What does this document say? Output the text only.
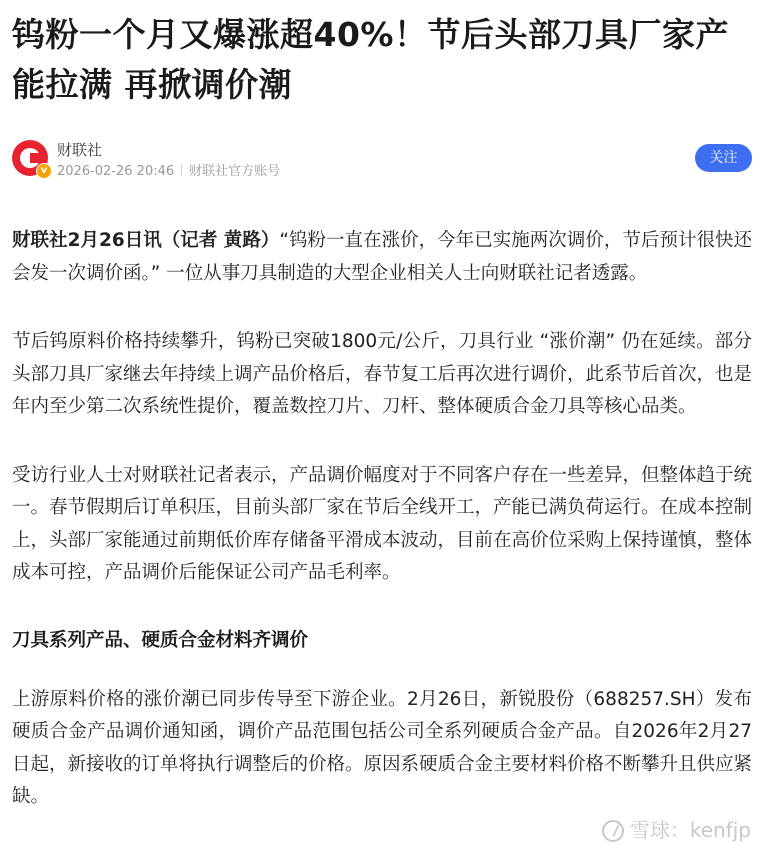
钨粉一个月又爆涨超40%！节后头部刀具厂家产能拉满 再掀调价潮
v
财联社
2026-02-26 20:46 财联社官方账号
关注

财联社2月26日讯（记者 黄路）“钨粉一直在涨价，今年已实施两次调价，节后预计很快还会发一次调价函。” 一位从事刀具制造的大型企业相关人士向财联社记者透露。

节后钨原料价格持续攀升，钨粉已突破1800元/公斤，刀具行业 “涨价潮” 仍在延续。部分头部刀具厂家继去年持续上调产品价格后，春节复工后再次进行调价，此系节后首次，也是年内至少第二次系统性提价，覆盖数控刀片、刀杆、整体硬质合金刀具等核心品类。

受访行业人士对财联社记者表示，产品调价幅度对于不同客户存在一些差异，但整体趋于统一。春节假期后订单积压，目前头部厂家在节后全线开工，产能已满负荷运行。在成本控制上，头部厂家能通过前期低价库存储备平滑成本波动，目前在高价位采购上保持谨慎，整体成本可控，产品调价后能保证公司产品毛利率。

刀具系列产品、硬质合金材料齐调价

上游原料价格的涨价潮已同步传导至下游企业。2月26日，新锐股份（688257.SH）发布硬质合金产品调价通知函，调价产品范围包括公司全系列硬质合金产品。自2026年2月27日起，新接收的订单将执行调整后的价格。原因系硬质合金主要材料价格不断攀升且供应紧缺。

雪球：kenfjp
